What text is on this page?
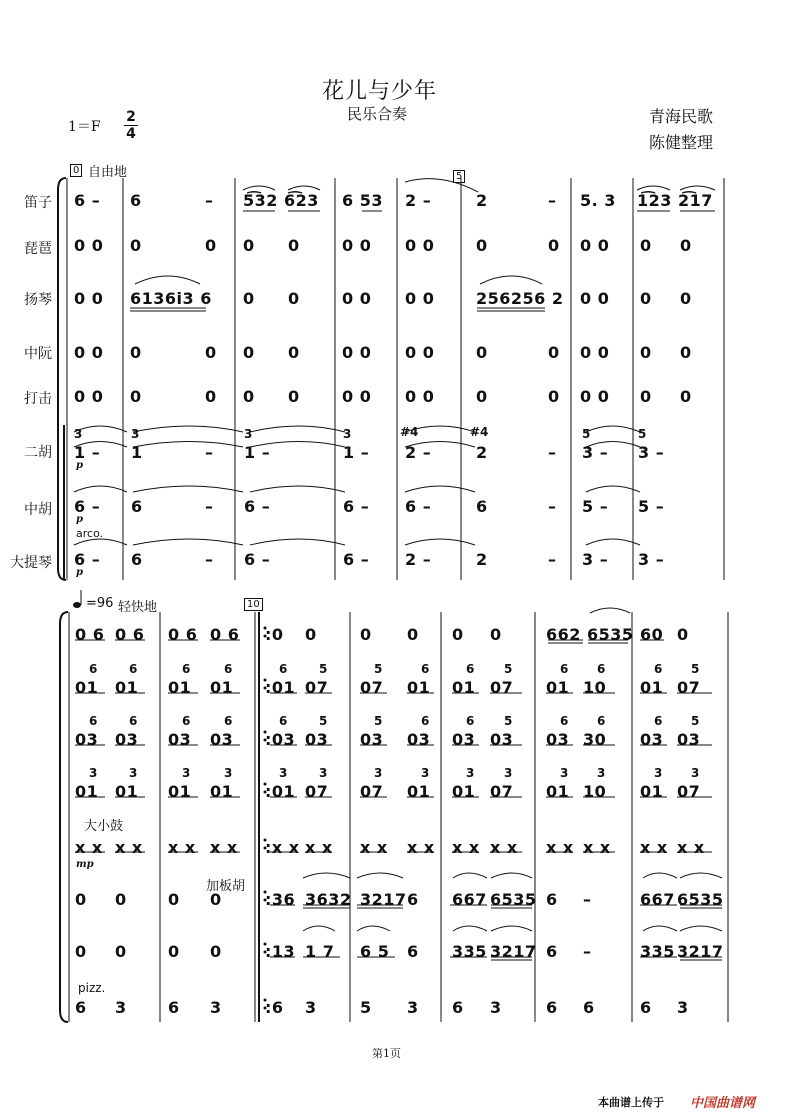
花儿与少年
民乐合奏	青海民歌
陈健整理
1＝F
2
4
0 自由地	5
笛子
琵琶
扬琴
中阮
打击
二胡
中胡
大提琴
6 – 6	– 5͡32 6͡23 6 53 2 –	2	– 5. 3 1͡23 2͡17
0 0 0	0 0 0	0 0 0 0	0	0 0 0 0 0
0 0 6136i3 6 0 0	0 0 0 0	256256 2 0 0 0 0
0 0 0	0 0 0	0 0 0 0	0	0 0 0 0 0
0 0 0	0 0 0	0 0 0 0	0	0 0 0 0 0
3	3	3	3	#4	#4	5	5
1 – 1	– 1 –	1 – 2 –	2	– 3 – 3 –
p
6 – 6	– 6 –	6 – 6 –	6	– 5 – 5 –
p
arco.
6 – 6	– 6 –	6 – 2 –	2	– 3 – 3 –
p
=96 轻快地	10
0 6 0 6 0 6 0 6 :0 0	0 0 0 0	662 6535 60 0
01 01 01 01 :01 07 07 01 01 07 01 10 01 07
03 03 03 03 :03 03 03 03 03 03 03 30 03 03
01 01 01 01 :01 07 07 01 01 07 01 10 01 07
x x x x x x x x :x x x x x x x x x x x x x x x x x x x x
0 0	0 0	:36 3632 3217 6 667 6535 6 –	667 6535
0 0	0 0	:13 1 7 6 5 6 335 3217 6 –	335 3217
6 3	6 3	:6 3	5 3 6 3	6 6	6 3
6	6	6	6	6	5	5	6	6 5	6 6	6 5
6	6	6	6	6	5	5	6	6 5	6 6	6 5
3	3	3	3	3	3	3	3	3 3	3 3	3 3
大小鼓
mp
加板胡
pizz.
第1页
本曲谱上传于 中国曲谱网
